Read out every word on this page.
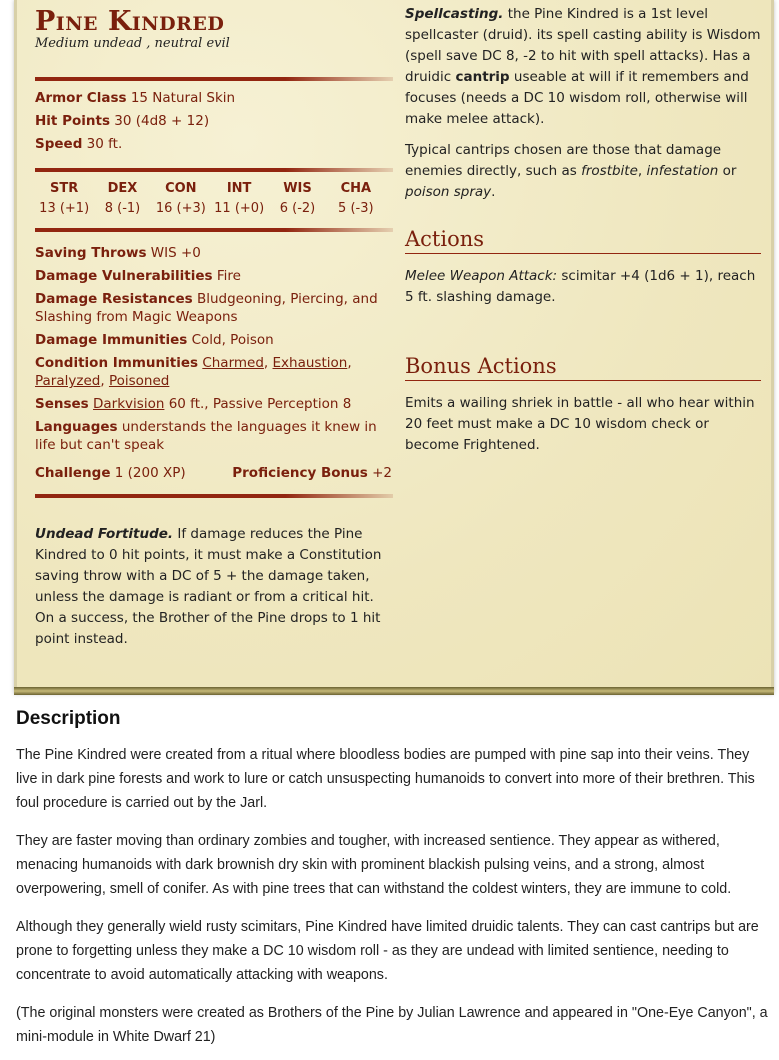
Pine Kindred
Medium undead , neutral evil
Armor Class 15 Natural Skin
Hit Points 30 (4d8 + 12)
Speed 30 ft.
STR
13 (+1)
DEX
8 (-1)
CON
16 (+3)
INT
11 (+0)
WIS
6 (-2)
CHA
5 (-3)
Saving Throws WIS +0
Damage Vulnerabilities Fire
Damage Resistances Bludgeoning, Piercing, and Slashing from Magic Weapons
Damage Immunities Cold, Poison
Condition Immunities Charmed, Exhaustion, Paralyzed, Poisoned
Senses Darkvision 60 ft., Passive Perception 8
Languages understands the languages it knew in life but can't speak
Challenge 1 (200 XP)	Proficiency Bonus +2
Undead Fortitude. If damage reduces the Pine Kindred to 0 hit points, it must make a Constitution saving throw with a DC of 5 + the damage taken, unless the damage is radiant or from a critical hit. On a success, the Brother of the Pine drops to 1 hit point instead.
Spellcasting. the Pine Kindred is a 1st level spellcaster (druid). its spell casting ability is Wisdom (spell save DC 8, -2 to hit with spell attacks). Has a druidic cantrip useable at will if it remembers and focuses (needs a DC 10 wisdom roll, otherwise will make melee attack).
Typical cantrips chosen are those that damage enemies directly, such as frostbite, infestation or poison spray.
Actions
Melee Weapon Attack: scimitar +4 (1d6 + 1), reach 5 ft. slashing damage.
Bonus Actions
Emits a wailing shriek in battle - all who hear within 20 feet must make a DC 10 wisdom check or become Frightened.
Description

The Pine Kindred were created from a ritual where bloodless bodies are pumped with pine sap into their veins. They live in dark pine forests and work to lure or catch unsuspecting humanoids to convert into more of their brethren. This foul procedure is carried out by the Jarl.

They are faster moving than ordinary zombies and tougher, with increased sentience. They appear as withered, menacing humanoids with dark brownish dry skin with prominent blackish pulsing veins, and a strong, almost overpowering, smell of conifer. As with pine trees that can withstand the coldest winters, they are immune to cold.

Although they generally wield rusty scimitars, Pine Kindred have limited druidic talents. They can cast cantrips but are prone to forgetting unless they make a DC 10 wisdom roll - as they are undead with limited sentience, needing to concentrate to avoid automatically attacking with weapons.

(The original monsters were created as Brothers of the Pine by Julian Lawrence and appeared in "One-Eye Canyon", a mini-module in White Dwarf 21)
